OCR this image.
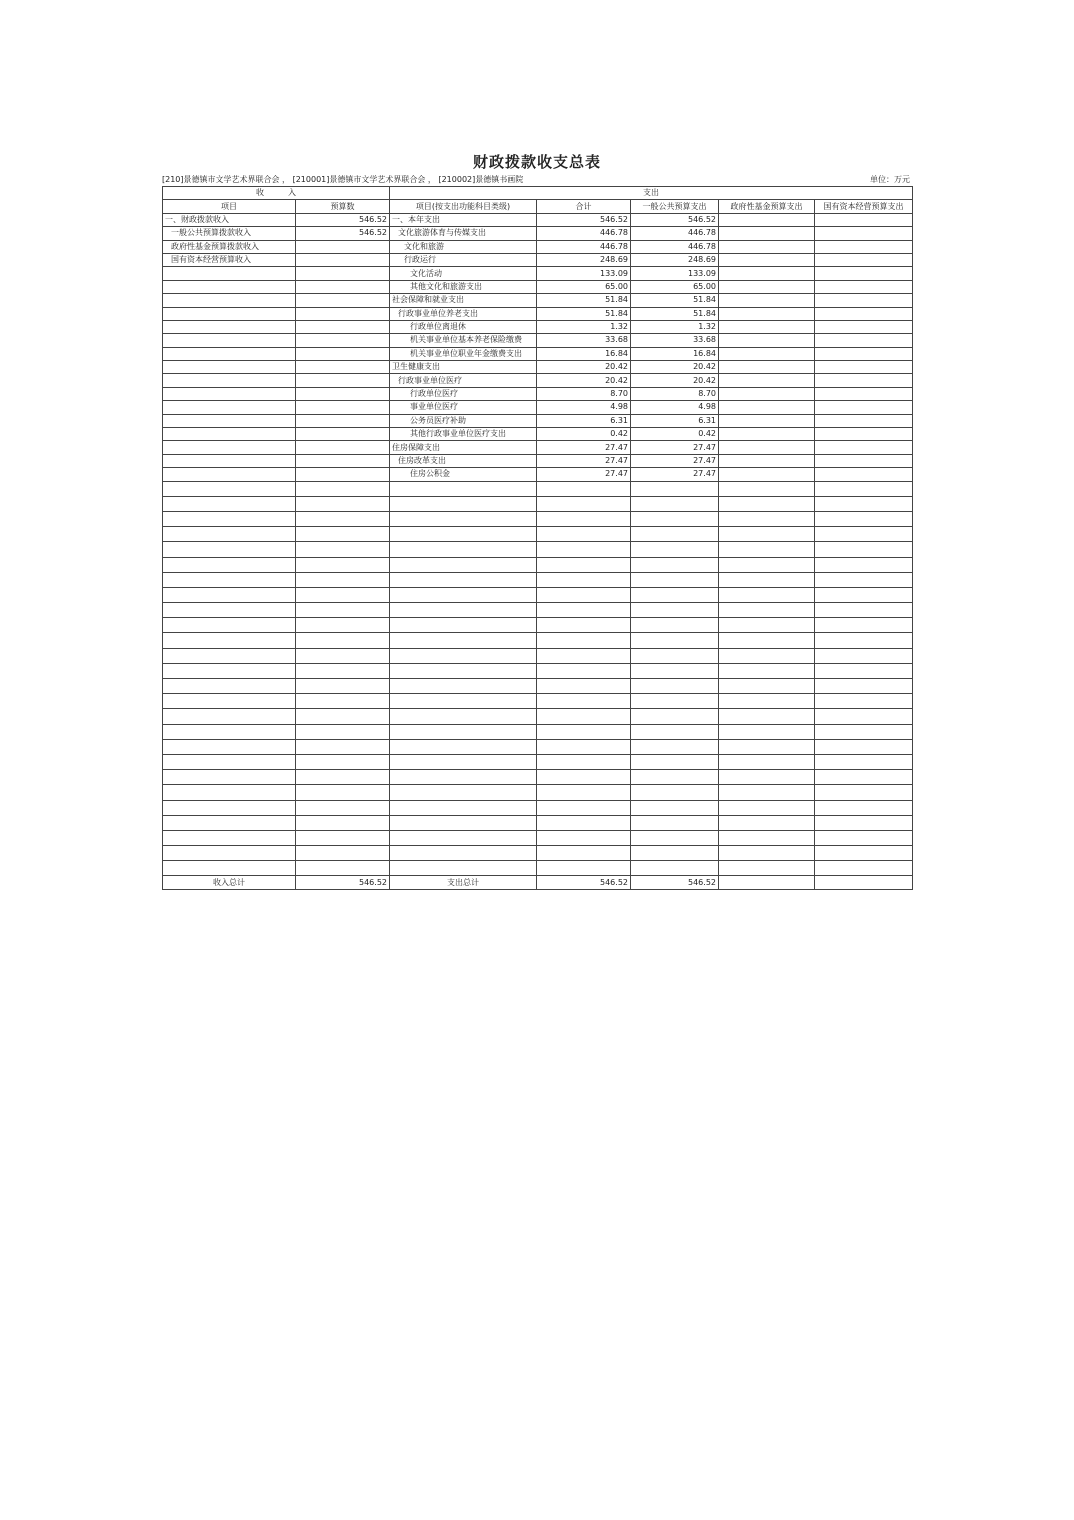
财政拨款收支总表
[210]景德镇市文学艺术界联合会 ， [210001]景德镇市文学艺术界联合会 ， [210002]景德镇书画院	单位：万元
收　　　入		支出				
项目	预算数	项目(按支出功能科目类级)	合计	一般公共预算支出	政府性基金预算支出	国有资本经营预算支出
一、财政拨款收入	546.52	一、本年支出	546.52	546.52		
一般公共预算拨款收入	546.52	文化旅游体育与传媒支出	446.78	446.78		
政府性基金预算拨款收入		文化和旅游	446.78	446.78		
国有资本经营预算收入		行政运行	248.69	248.69		
		文化活动	133.09	133.09		
		其他文化和旅游支出	65.00	65.00		
		社会保障和就业支出	51.84	51.84		
		行政事业单位养老支出	51.84	51.84		
		行政单位离退休	1.32	1.32		
		机关事业单位基本养老保险缴费	33.68	33.68		
		机关事业单位职业年金缴费支出	16.84	16.84		
		卫生健康支出	20.42	20.42		
		行政事业单位医疗	20.42	20.42		
		行政单位医疗	8.70	8.70		
		事业单位医疗	4.98	4.98		
		公务员医疗补助	6.31	6.31		
		其他行政事业单位医疗支出	0.42	0.42		
		住房保障支出	27.47	27.47		
		住房改革支出	27.47	27.47		
		住房公积金	27.47	27.47		

收入总计	546.52	支出总计	546.52	546.52		
